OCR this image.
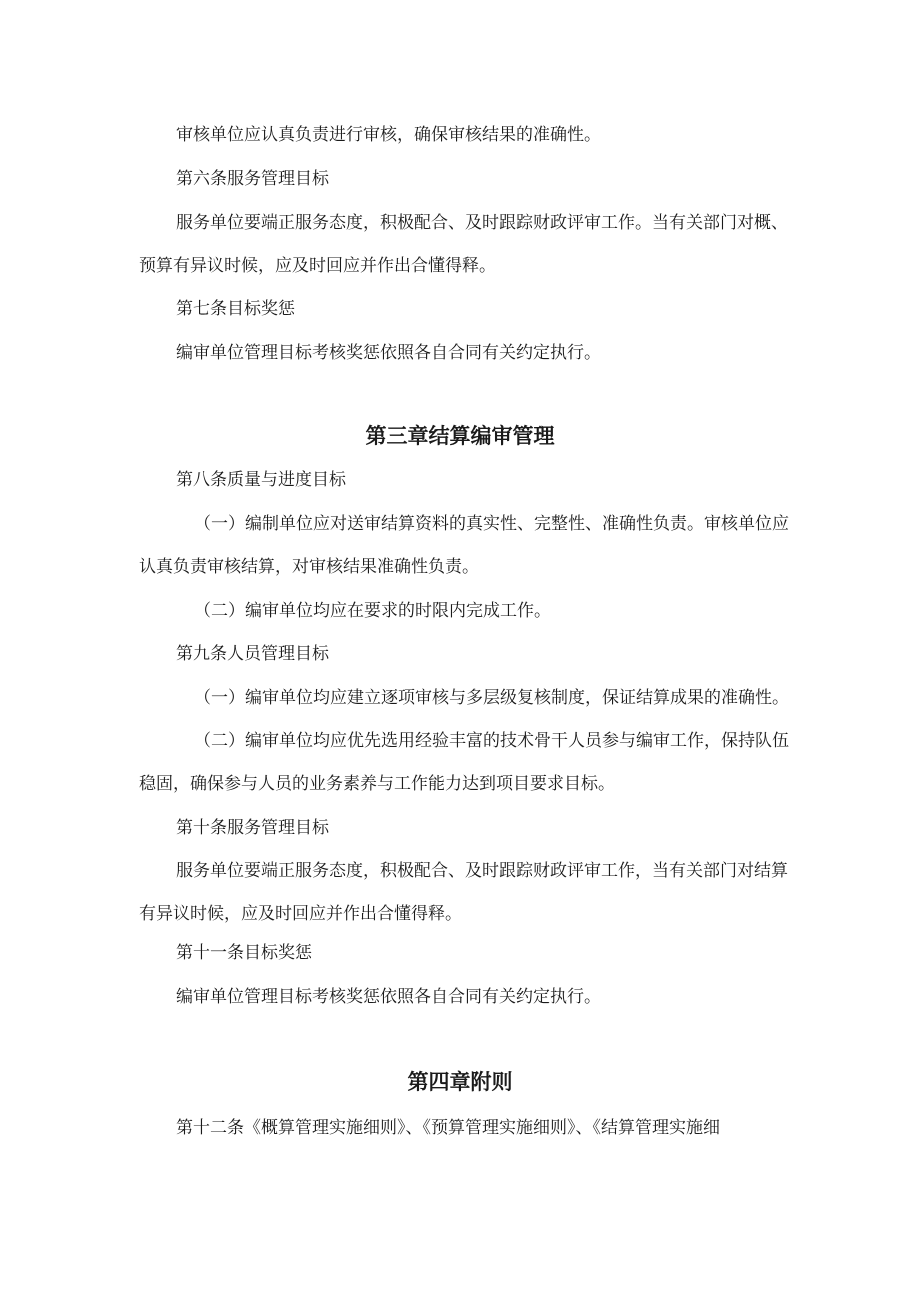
审核单位应认真负责进行审核，确保审核结果的准确性。
第六条服务管理目标
服务单位要端正服务态度，积极配合、及时跟踪财政评审工作。当有关部门对概、
预算有异议时候，应及时回应并作出合懂得释。
第七条目标奖惩
编审单位管理目标考核奖惩依照各自合同有关约定执行。
第三章结算编审管理
第八条质量与进度目标
（一）编制单位应对送审结算资料的真实性、完整性、准确性负责。审核单位应
认真负责审核结算，对审核结果准确性负责。
（二）编审单位均应在要求的时限内完成工作。
第九条人员管理目标
（一）编审单位均应建立逐项审核与多层级复核制度，保证结算成果的准确性。
（二）编审单位均应优先选用经验丰富的技术骨干人员参与编审工作，保持队伍
稳固，确保参与人员的业务素养与工作能力达到项目要求目标。
第十条服务管理目标
服务单位要端正服务态度，积极配合、及时跟踪财政评审工作，当有关部门对结算
有异议时候，应及时回应并作出合懂得释。
第十一条目标奖惩
编审单位管理目标考核奖惩依照各自合同有关约定执行。
第四章附则
第十二条《概算管理实施细则》、《预算管理实施细则》、《结算管理实施细
